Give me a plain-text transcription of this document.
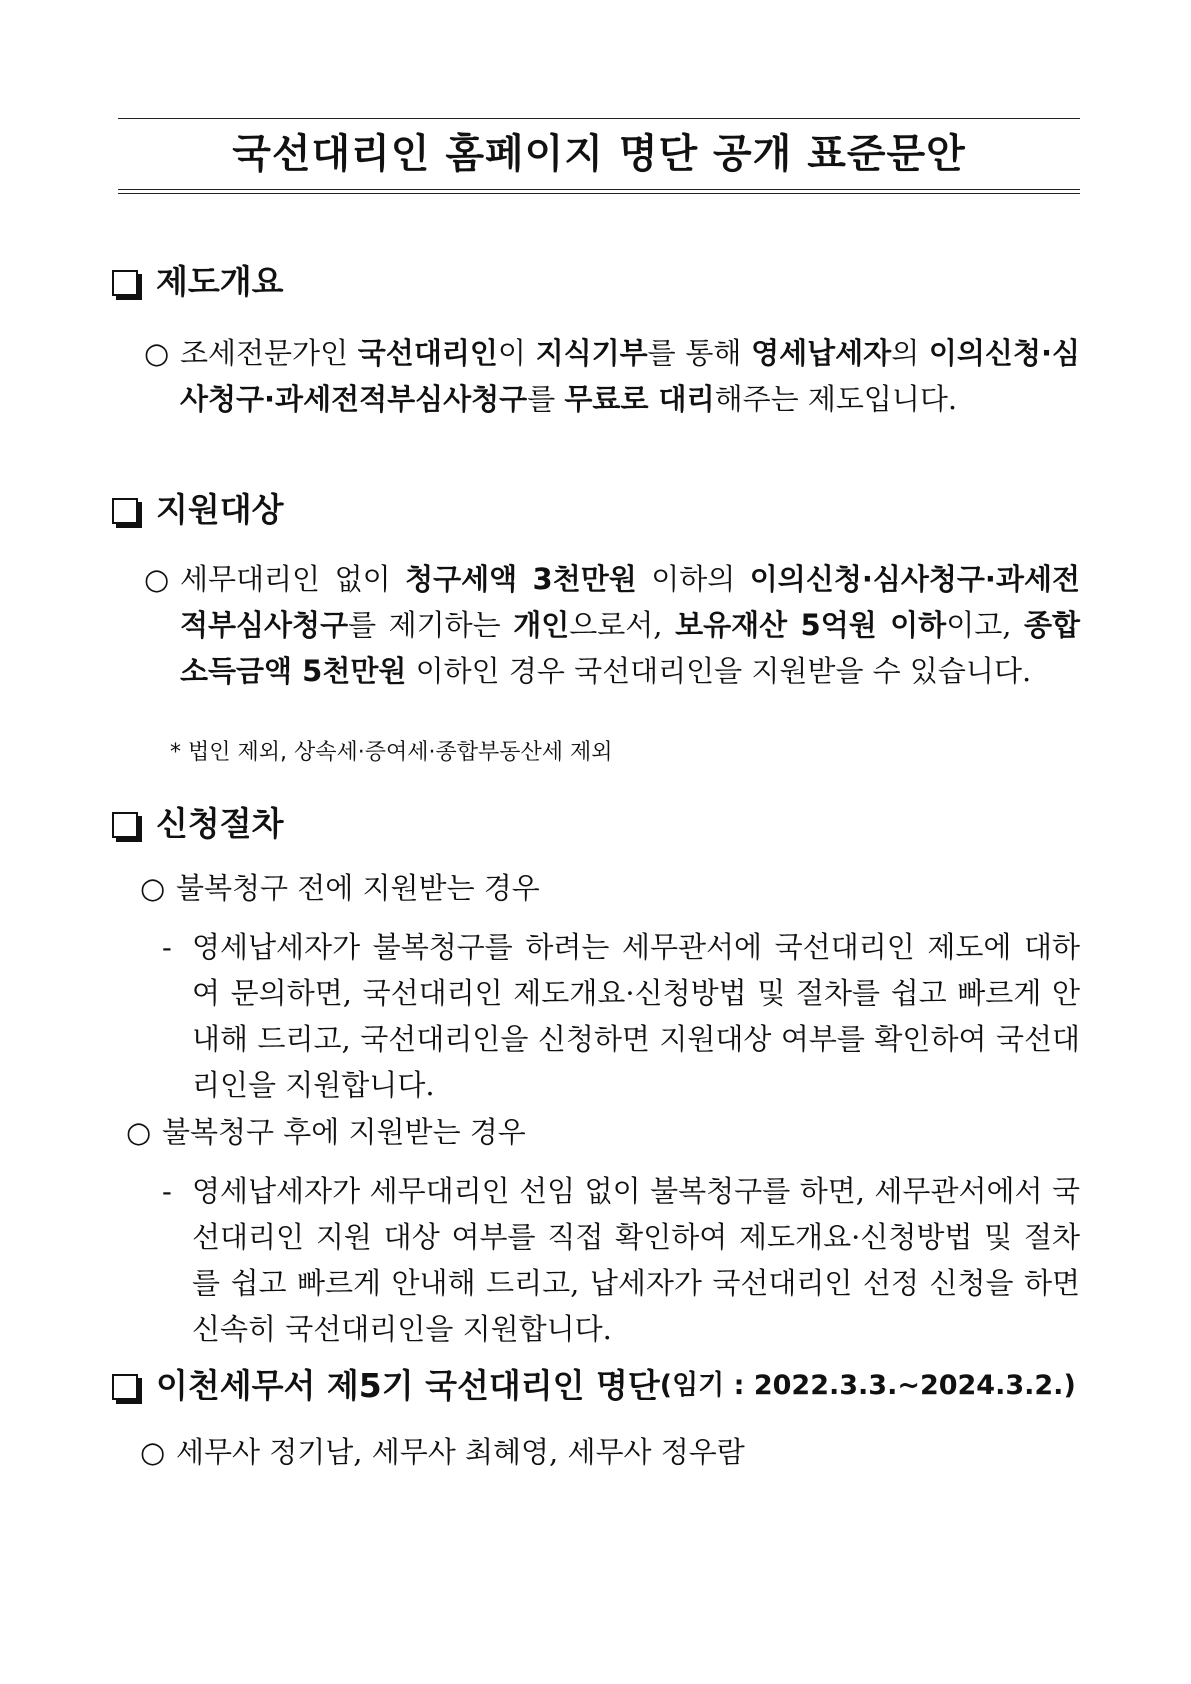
국선대리인 홈페이지 명단 공개 표준문안
제도개요
○ 조세전문가인 국선대리인이 지식기부를 통해 영세납세자의 이의신청·심사청구·과세전적부심사청구를 무료로 대리해주는 제도입니다.
지원대상
○ 세무대리인 없이 청구세액 3천만원 이하의 이의신청·심사청구·과세전적부심사청구를 제기하는 개인으로서, 보유재산 5억원 이하이고, 종합소득금액 5천만원 이하인 경우 국선대리인을 지원받을 수 있습니다.
* 법인 제외, 상속세·증여세·종합부동산세 제외
신청절차
○ 불복청구 전에 지원받는 경우
- 영세납세자가 불복청구를 하려는 세무관서에 국선대리인 제도에 대하여 문의하면, 국선대리인 제도개요·신청방법 및 절차를 쉽고 빠르게 안내해 드리고, 국선대리인을 신청하면 지원대상 여부를 확인하여 국선대리인을 지원합니다.
○ 불복청구 후에 지원받는 경우
- 영세납세자가 세무대리인 선임 없이 불복청구를 하면, 세무관서에서 국선대리인 지원 대상 여부를 직접 확인하여 제도개요·신청방법 및 절차를 쉽고 빠르게 안내해 드리고, 납세자가 국선대리인 선정 신청을 하면 신속히 국선대리인을 지원합니다.
이천세무서 제5기 국선대리인 명단 (임기 : 2022.3.3.~2024.3.2.)
○ 세무사 정기남, 세무사 최혜영, 세무사 정우람
